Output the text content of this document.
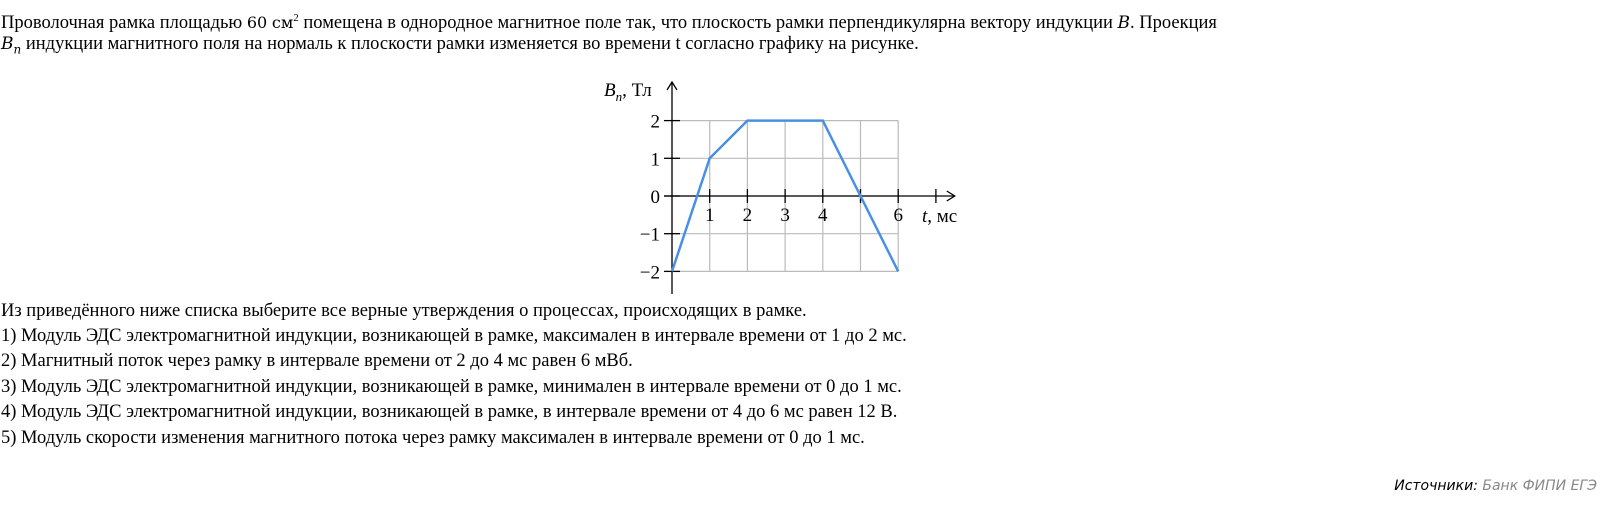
Проволочная рамка площадью 60 $см^2$ помещена в однородное магнитное поле так, что плоскость рамки перпендикулярна вектору индукции B. Проекция
$B_n$ индукции магнитного поля на нормаль к плоскости рамки изменяется во времени t согласно графику на рисунке.
1 2 3 4	6
2
1
0
−1
−2
$B_n$, Тл
t, мс
Из приведённого ниже списка выберите все верные утверждения о процессах, происходящих в рамке.
1) Модуль ЭДС электромагнитной индукции, возникающей в рамке, максимален в интервале времени от 1 до 2 мс.
2) Магнитный поток через рамку в интервале времени от 2 до 4 мс равен 6 мВб.
3) Модуль ЭДС электромагнитной индукции, возникающей в рамке, минимален в интервале времени от 0 до 1 мс.
4) Модуль ЭДС электромагнитной индукции, возникающей в рамке, в интервале времени от 4 до 6 мс равен 12 В.
5) Модуль скорости изменения магнитного потока через рамку максимален в интервале времени от 0 до 1 мс.
Источники: Банк ФИПИ ЕГЭ
